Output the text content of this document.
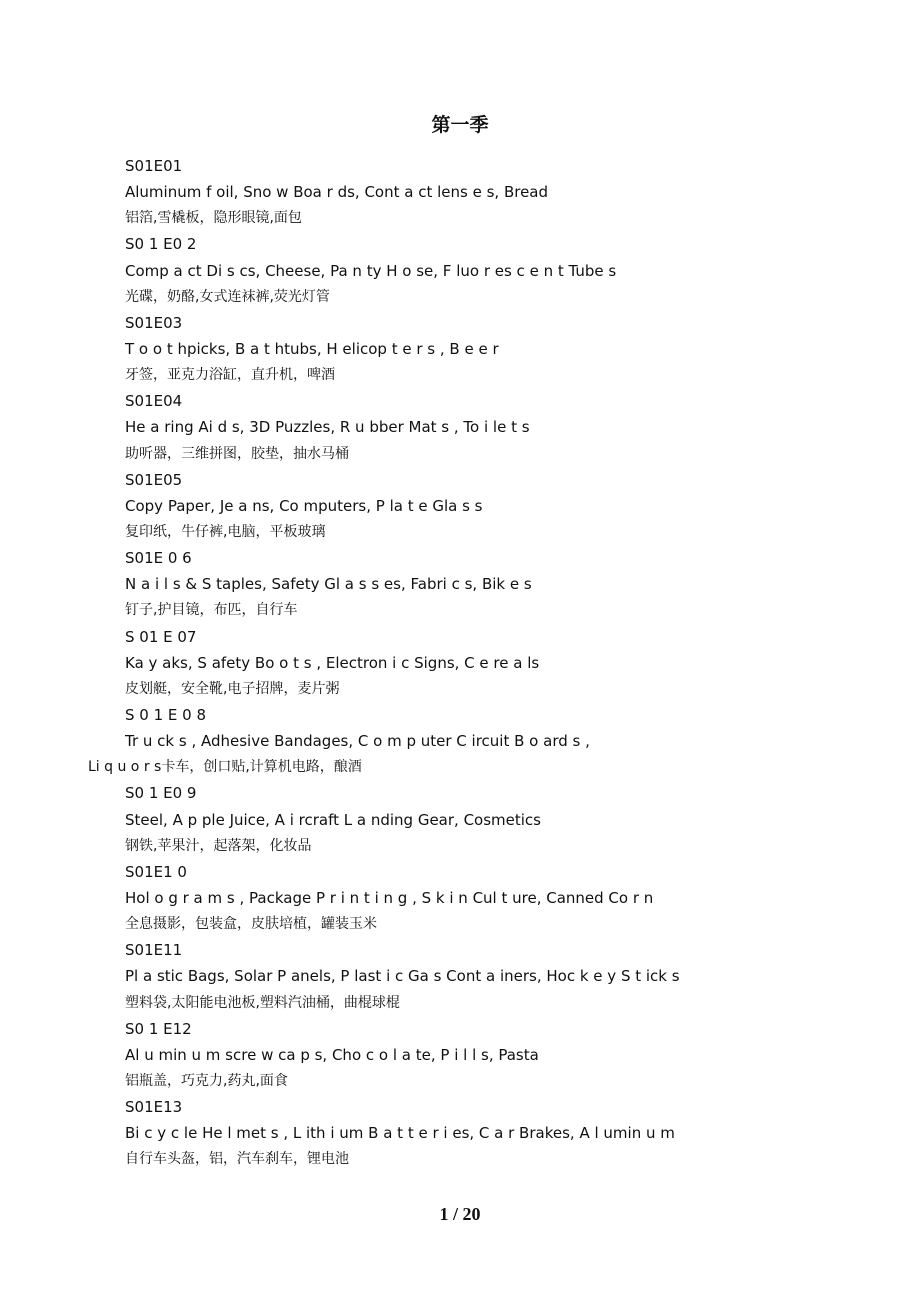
第一季
S01E01
Aluminum f oil, Sno w Boa r ds, Cont a ct lens e s, Bread
铝箔,雪橇板，隐形眼镜,面包
S0 1 E0 2
Comp a ct Di s cs, Cheese, Pa n ty H o se, F luo r es c e n t Tube s
光碟，奶酪,女式连袜裤,荧光灯管
S01E03
T o o t hpicks, B a t htubs, H elicop t e r s , B e e r
牙签，亚克力浴缸，直升机，啤酒
S01E04
He a ring Ai d s, 3D Puzzles, R u bber Mat s , To i le t s
助听器，三维拼图，胶垫，抽水马桶
S01E05
Copy Paper, Je a ns, Co mputers, P la t e Gla s s
复印纸，牛仔裤,电脑，平板玻璃
S01E 0 6
N a i l s & S taples, Safety Gl a s s es, Fabri c s, Bik e s
钉子,护目镜，布匹，自行车
S 01 E 07
Ka y aks, S afety Bo o t s , Electron i c Signs, C e re a ls
皮划艇，安全靴,电子招牌，麦片粥
S 0 1 E 0 8
Tr u ck s , Adhesive Bandages, C o m p uter C ircuit B o ard s ,
Li q u o r s卡车，创口贴,计算机电路，酿酒
S0 1 E0 9
Steel, A p ple Juice, A i rcraft L a nding Gear, Cosmetics
钢铁,苹果汁，起落架，化妆品
S01E1 0
Hol o g r a m s , Package P r i n t i n g , S k i n Cul t ure, Canned Co r n
全息摄影，包装盒，皮肤培植，罐装玉米
S01E11
Pl a stic Bags, Solar P anels, P last i c Ga s Cont a iners, Hoc k e y S t ick s
塑料袋,太阳能电池板,塑料汽油桶，曲棍球棍
S0 1 E12
Al u min u m scre w ca p s, Cho c o l a te, P i l l s, Pasta
铝瓶盖，巧克力,药丸,面食
S01E13
Bi c y c le He l met s , L ith i um B a t t e r i es, C a r Brakes, A l umin u m
自行车头盔，铝，汽车刹车，锂电池
1 / 20
